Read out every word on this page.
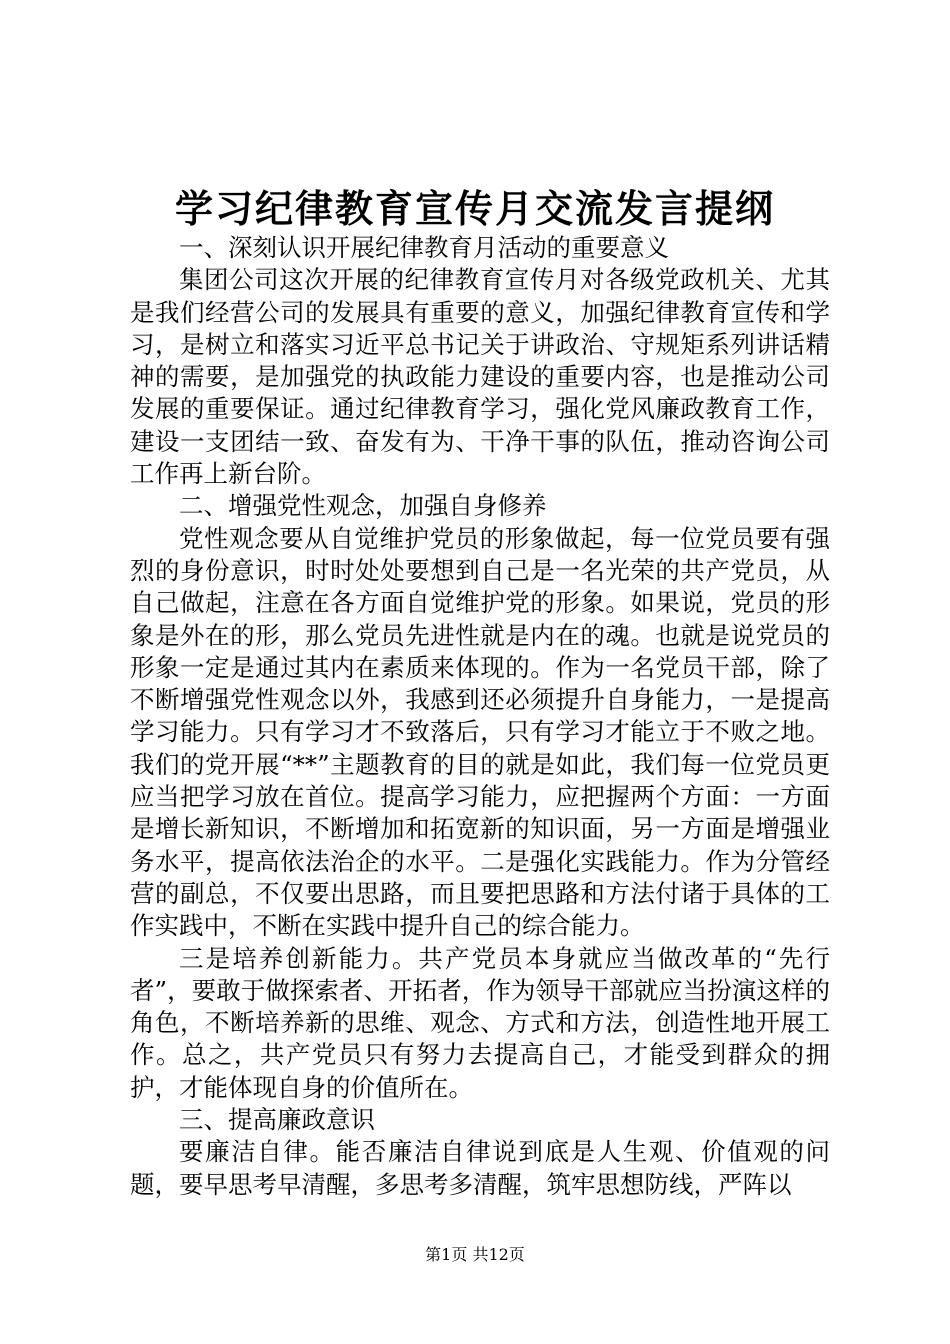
学习纪律教育宣传月交流发言提纲

一、深刻认识开展纪律教育月活动的重要意义

集团公司这次开展的纪律教育宣传月对各级党政机关、尤其是我们经营公司的发展具有重要的意义，加强纪律教育宣传和学习，是树立和落实习近平总书记关于讲政治、守规矩系列讲话精神的需要，是加强党的执政能力建设的重要内容，也是推动公司发展的重要保证。通过纪律教育学习，强化党风廉政教育工作，建设一支团结一致、奋发有为、干净干事的队伍，推动咨询公司工作再上新台阶。

二、增强党性观念，加强自身修养

党性观念要从自觉维护党员的形象做起，每一位党员要有强烈的身份意识，时时处处要想到自己是一名光荣的共产党员，从自己做起，注意在各方面自觉维护党的形象。如果说，党员的形象是外在的形，那么党员先进性就是内在的魂。也就是说党员的形象一定是通过其内在素质来体现的。作为一名党员干部，除了不断增强党性观念以外，我感到还必须提升自身能力，一是提高学习能力。只有学习才不致落后，只有学习才能立于不败之地。我们的党开展“**”主题教育的目的就是如此，我们每一位党员更应当把学习放在首位。提高学习能力，应把握两个方面：一方面是增长新知识，不断增加和拓宽新的知识面，另一方面是增强业务水平，提高依法治企的水平。二是强化实践能力。作为分管经营的副总，不仅要出思路，而且要把思路和方法付诸于具体的工作实践中，不断在实践中提升自己的综合能力。

三是培养创新能力。共产党员本身就应当做改革的“先行者”，要敢于做探索者、开拓者，作为领导干部就应当扮演这样的角色，不断培养新的思维、观念、方式和方法，创造性地开展工作。总之，共产党员只有努力去提高自己，才能受到群众的拥护，才能体现自身的价值所在。

三、提高廉政意识

要廉洁自律。能否廉洁自律说到底是人生观、价值观的问题，要早思考早清醒，多思考多清醒，筑牢思想防线，严阵以

第1页 共12页
